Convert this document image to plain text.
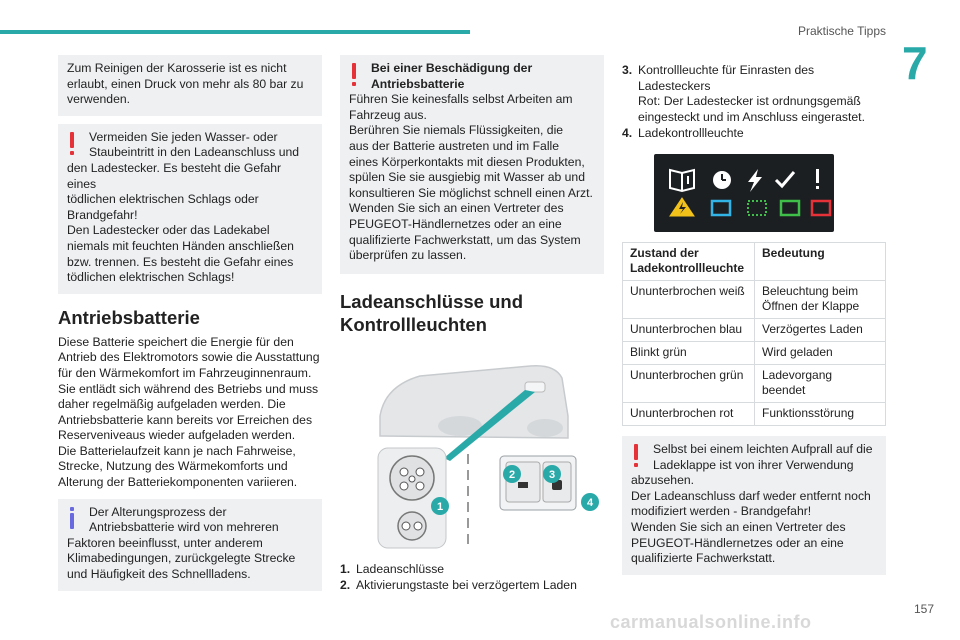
Praktische Tipps
7
Zum Reinigen der Karosserie ist es nicht
erlaubt, einen Druck von mehr als 80 bar zu
verwenden.
Vermeiden Sie jeden Wasser- oder
Staubeintritt in den Ladeanschluss und
den Ladestecker. Es besteht die Gefahr eines
tödlichen elektrischen Schlags oder
Brandgefahr!
Den Ladestecker oder das Ladekabel
niemals mit feuchten Händen anschließen
bzw. trennen. Es besteht die Gefahr eines
tödlichen elektrischen Schlags!
Antriebsbatterie
Diese Batterie speichert die Energie für den
Antrieb des Elektromotors sowie die Ausstattung
für den Wärmekomfort im Fahrzeuginnenraum.
Sie entlädt sich während des Betriebs und muss
daher regelmäßig aufgeladen werden. Die
Antriebsbatterie kann bereits vor Erreichen des
Reserveniveaus wieder aufgeladen werden.
Die Batterielaufzeit kann je nach Fahrweise,
Strecke, Nutzung des Wärmekomforts und
Alterung der Batteriekomponenten variieren.
Der Alterungsprozess der
Antriebsbatterie wird von mehreren
Faktoren beeinflusst, unter anderem
Klimabedingungen, zurückgelegte Strecke
und Häufigkeit des Schnellladens.
Bei einer Beschädigung der
Antriebsbatterie
Führen Sie keinesfalls selbst Arbeiten am
Fahrzeug aus.
Berühren Sie niemals Flüssigkeiten, die
aus der Batterie austreten und im Falle
eines Körperkontakts mit diesen Produkten,
spülen Sie sie ausgiebig mit Wasser ab und
konsultieren Sie möglichst schnell einen Arzt.
Wenden Sie sich an einen Vertreter des
PEUGEOT-Händlernetzes oder an eine
qualifizierte Fachwerkstatt, um das System
überprüfen zu lassen.
Ladeanschlüsse und
Kontrollleuchten
1
2	3
4
1. Ladeanschlüsse
2. Aktivierungstaste bei verzögertem Laden
3. Kontrollleuchte für Einrasten des
Ladesteckers
Rot: Der Ladestecker ist ordnungsgemäß
eingesteckt und im Anschluss eingerastet.
4. Ladekontrollleuchte
Zustand der Ladekontrollleuchte	Bedeutung
Ununterbrochen weiß	Beleuchtung beim Öffnen der Klappe
Ununterbrochen blau	Verzögertes Laden
Blinkt grün	Wird geladen
Ununterbrochen grün	Ladevorgang beendet
Ununterbrochen rot	Funktionsstörung
Selbst bei einem leichten Aufprall auf die
Ladeklappe ist von ihrer Verwendung
abzusehen.
Der Ladeanschluss darf weder entfernt noch
modifiziert werden - Brandgefahr!
Wenden Sie sich an einen Vertreter des
PEUGEOT-Händlernetzes oder an eine
qualifizierte Fachwerkstatt.
157
carmanualsonline.info
